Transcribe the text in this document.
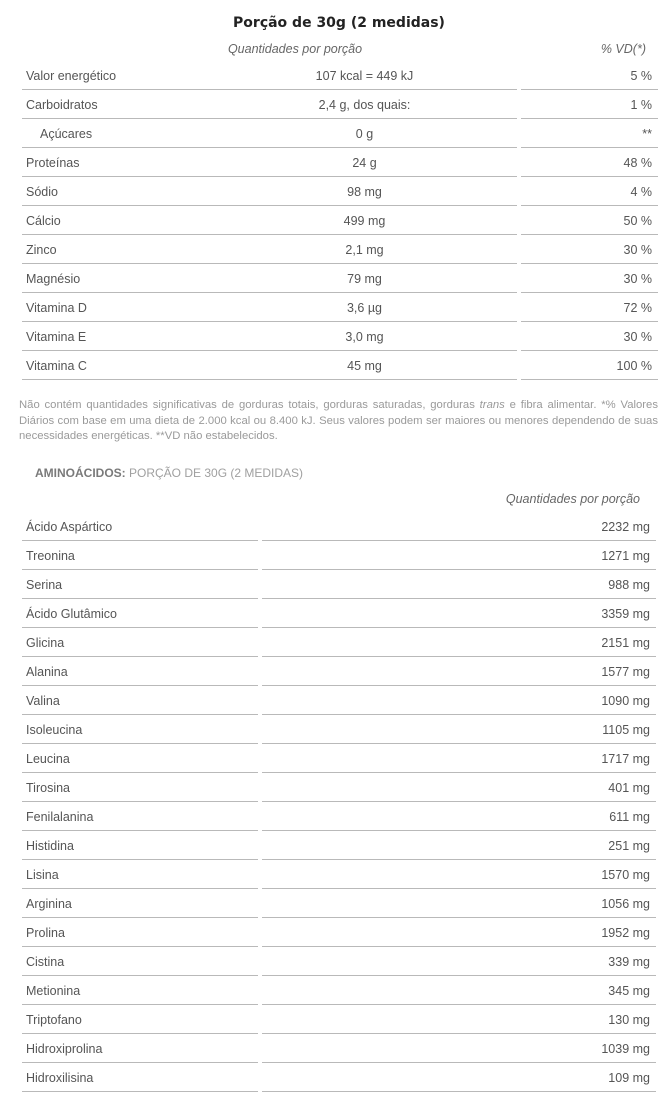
Porção de 30g (2 medidas)
Quantidades por porção	% VD(*)
Valor energético	107 kcal = 449 kJ	5 %
Carboidratos	2,4 g, dos quais:	1 %
Açúcares	0 g	**
Proteínas	24 g	48 %
Sódio	98 mg	4 %
Cálcio	499 mg	50 %
Zinco	2,1 mg	30 %
Magnésio	79 mg	30 %
Vitamina D	3,6 µg	72 %
Vitamina E	3,0 mg	30 %
Vitamina C	45 mg	100 %
Não contém quantidades significativas de gorduras totais, gorduras saturadas, gorduras trans e fibra alimentar. *% Valores Diários com base em uma dieta de 2.000 kcal ou 8.400 kJ. Seus valores podem ser maiores ou menores dependendo de suas necessidades energéticas. **VD não estabelecidos.
AMINOÁCIDOS: PORÇÃO DE 30G (2 MEDIDAS)
Quantidades por porção
Ácido Aspártico	2232 mg
Treonina	1271 mg
Serina	988 mg
Ácido Glutâmico	3359 mg
Glicina	2151 mg
Alanina	1577 mg
Valina	1090 mg
Isoleucina	1105 mg
Leucina	1717 mg
Tirosina	401 mg
Fenilalanina	611 mg
Histidina	251 mg
Lisina	1570 mg
Arginina	1056 mg
Prolina	1952 mg
Cistina	339 mg
Metionina	345 mg
Triptofano	130 mg
Hidroxiprolina	1039 mg
Hidroxilisina	109 mg
